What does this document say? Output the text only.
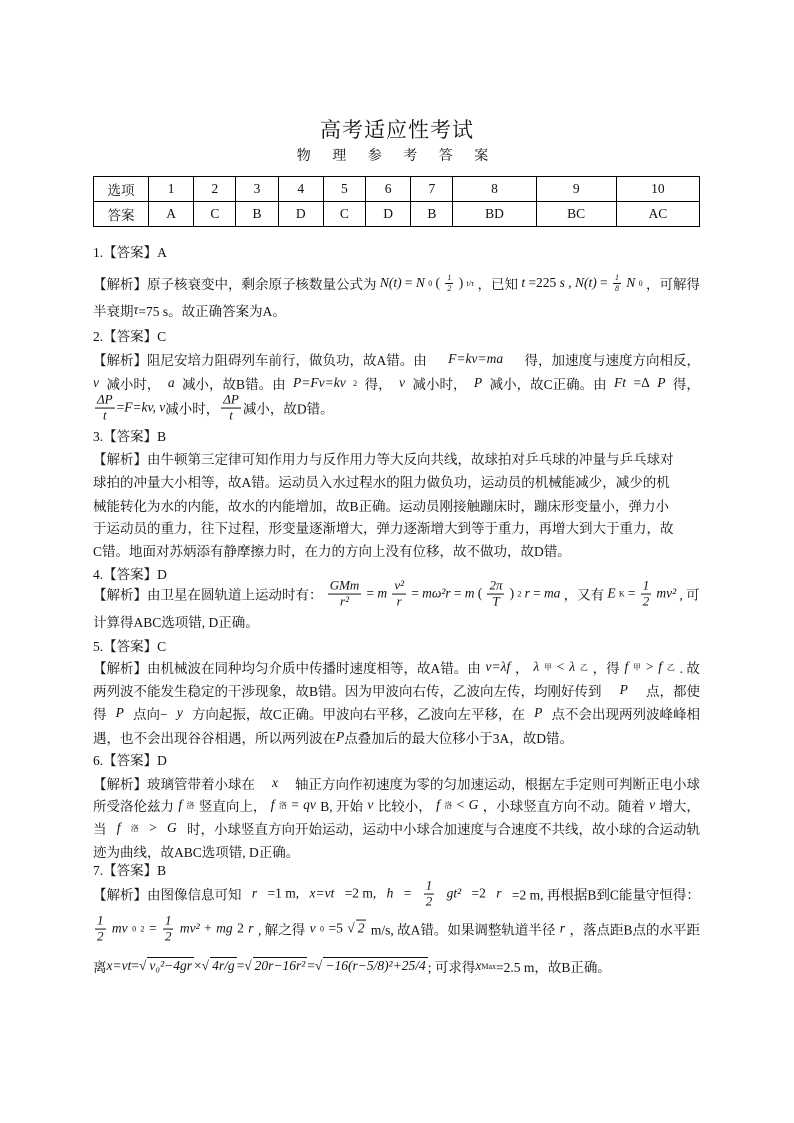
高考适应性考试
物 理 参 考 答 案
选项	1	2	3	4	5	6	7	8	9	10
答案	A	C	B	D	C	D	B	BD	BC	AC
1.【答案】A
【解析】原子核衰变中，剩余原子核数量公式为 N(t) = N 0 ( $\frac{1}{2}$ ) t/τ ，已知 t =225 s , $N(t) = \frac{1}{8}$ N 0 ，可解得
半衰期 τ =75 s。故正确答案为A。
2.【答案】C
【解析】阻尼安培力阻碍列车前行，做负功，故A错。由 F=kv=ma 得，加速度与速度方向相反，
v 减小时， a 减小，故B错。由 P=Fv=kv 2 得， v 减小时， P 减小，故C正确。由 Ft =Δ P 得，
$\frac{\Delta P}{t} = F=kv$, v 减小时， $\frac{\Delta P}{t}$ 减小，故D错。
3.【答案】B
【解析】由牛顿第三定律可知作用力与反作用力等大反向共线，故球拍对乒乓球的冲量与乒乓球对
球拍的冲量大小相等，故A错。运动员入水过程水的阻力做负功，运动员的机械能减少，减少的机
械能转化为水的内能，故水的内能增加，故B正确。运动员刚接触蹦床时，蹦床形变量小，弹力小
于运动员的重力，往下过程，形变量逐渐增大，弹力逐渐增大到等于重力，再增大到大于重力，故
C错。地面对苏炳添有静摩擦力时，在力的方向上没有位移，故不做功，故D错。
4.【答案】D
【解析】由卫星在圆轨道上运动时有： $\frac{\text{GMm}}{\text{r²}} = m \frac{\text{v²}}{r} = m\omega^2r = m$ ( $\frac{2\pi}{T}$ ) 2 r = ma ，又有 E $K = \frac{1}{2} mv^2$ , 可
计算得ABC选项错, D正确。
5.【答案】C
【解析】由机械波在同种均匀介质中传播时速度相等，故A错。由 v=λf ， λ 甲 < λ 乙 ，得 f 甲 > f 乙 . 故
两列波不能发生稳定的干涉现象，故B错。因为甲波向右传，乙波向左传，均刚好传到 P 点，都使
得 P 点向− y 方向起振，故C正确。甲波向右平移，乙波向左平移，在 P 点不会出现两列波峰峰相
遇，也不会出现谷谷相遇，所以两列波在 P 点叠加后的最大位移小于3A，故D错。
6.【答案】D
【解析】玻璃管带着小球在 x 轴正方向作初速度为零的匀加速运动，根据左手定则可判断正电小球
所受洛伦兹力 f 洛 竖直向上， f 洛 = qv B, 开始 v 比较小， f 洛 < G ，小球竖直方向不动。随着 v 增大，
当 f 洛 > G 时，小球竖直方向开始运动，运动中小球合加速度与合速度不共线，故小球的合运动轨
迹为曲线，故ABC选项错, D正确。
7.【答案】B
【解析】由图像信息可知 r =1 m, x=vt =2 m, $h = \frac{1}{2} gt^2 =2$ r =2 m, 再根据B到C能量守恒得：
$\frac{1}{2}$ mv 0 $2 = \frac{1}{2} mv^2$ + mg 2 r , 解之得 v 0 =5 √ 2 m/s, 故A错。如果调整轨道半径 r ，落点距B点的水平距
离 x=vt = √ v₀²−4gr × √ 4r/g = √ 20r−16r² = √ −16(r−5/8)²+25/4 ; 可求得 x Max =2.5 m，故B正确。
